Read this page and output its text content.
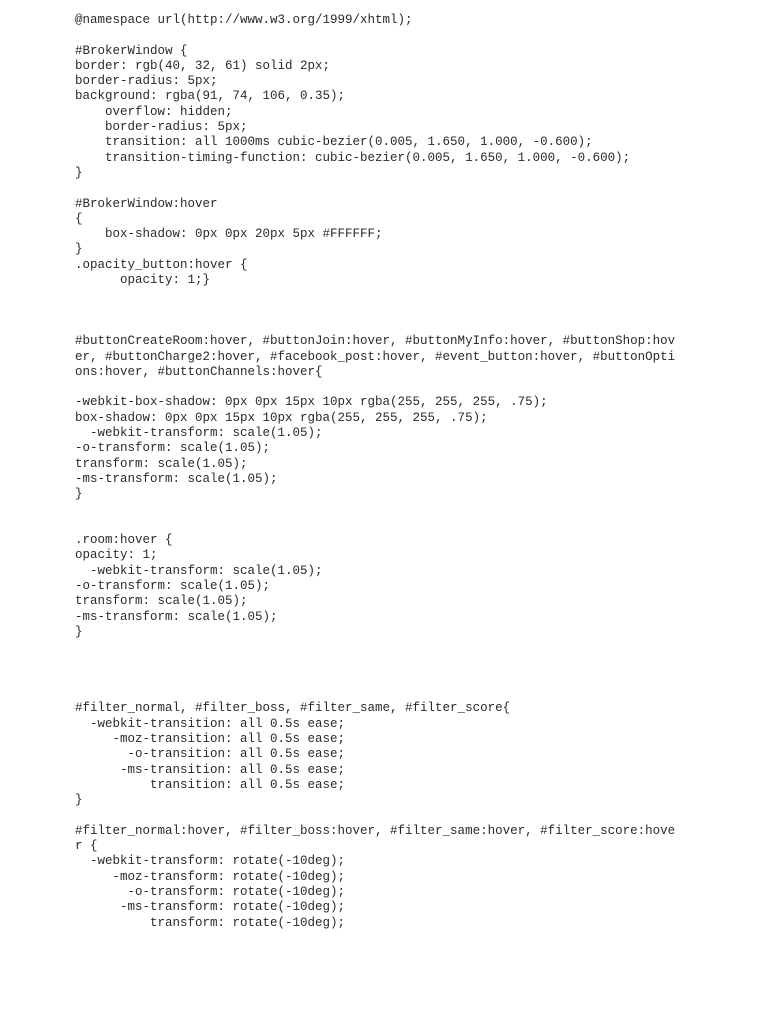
@namespace url(http://www.w3.org/1999/xhtml);
#BrokerWindow {
border: rgb(40, 32, 61) solid 2px;
border-radius: 5px;
background: rgba(91, 74, 106, 0.35);
overflow: hidden;
border-radius: 5px;
transition: all 1000ms cubic-bezier(0.005, 1.650, 1.000, -0.600);
transition-timing-function: cubic-bezier(0.005, 1.650, 1.000, -0.600);
}
#BrokerWindow:hover
{
box-shadow: 0px 0px 20px 5px #FFFFFF;
}
.opacity_button:hover {
opacity: 1;}
#buttonCreateRoom:hover, #buttonJoin:hover, #buttonMyInfo:hover, #buttonShop:hov
er, #buttonCharge2:hover, #facebook_post:hover, #event_button:hover, #buttonOpti
ons:hover, #buttonChannels:hover{
-webkit-box-shadow: 0px 0px 15px 10px rgba(255, 255, 255, .75);
box-shadow: 0px 0px 15px 10px rgba(255, 255, 255, .75);
-webkit-transform: scale(1.05);
-o-transform: scale(1.05);
transform: scale(1.05);
-ms-transform: scale(1.05);
}
.room:hover {
opacity: 1;
-webkit-transform: scale(1.05);
-o-transform: scale(1.05);
transform: scale(1.05);
-ms-transform: scale(1.05);
}
#filter_normal, #filter_boss, #filter_same, #filter_score{
-webkit-transition: all 0.5s ease;
-moz-transition: all 0.5s ease;
-o-transition: all 0.5s ease;
-ms-transition: all 0.5s ease;
transition: all 0.5s ease;
}
#filter_normal:hover, #filter_boss:hover, #filter_same:hover, #filter_score:hove
r {
-webkit-transform: rotate(-10deg);
-moz-transform: rotate(-10deg);
-o-transform: rotate(-10deg);
-ms-transform: rotate(-10deg);
transform: rotate(-10deg);
